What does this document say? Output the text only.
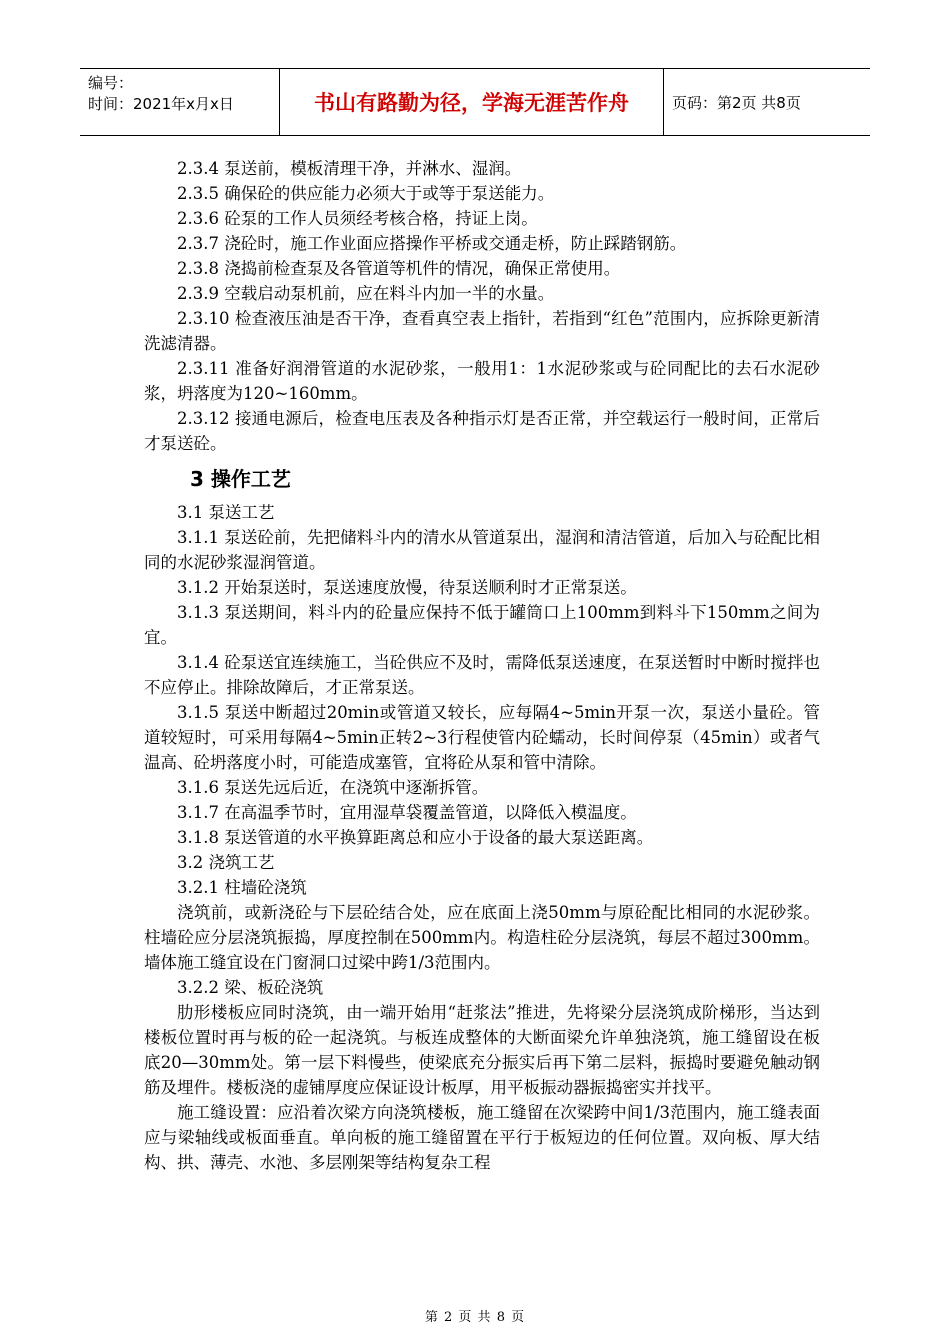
编号：
时间：2021年x月x日	书山有路勤为径，学海无涯苦作舟	页码：第2页 共8页

2.3.4 泵送前，模板清理干净，并淋水、湿润。

2.3.5 确保砼的供应能力必须大于或等于泵送能力。

2.3.6 砼泵的工作人员须经考核合格，持证上岗。

2.3.7 浇砼时，施工作业面应搭操作平桥或交通走桥，防止踩踏钢筋。

2.3.8 浇捣前检查泵及各管道等机件的情况，确保正常使用。

2.3.9 空载启动泵机前，应在料斗内加一半的水量。

2.3.10 检查液压油是否干净，查看真空表上指针，若指到“红色”范围内，应拆除更新清洗滤清器。

2.3.11 准备好润滑管道的水泥砂浆，一般用1：1水泥砂浆或与砼同配比的去石水泥砂浆，坍落度为120~160mm。

2.3.12 接通电源后，检查电压表及各种指示灯是否正常，并空载运行一般时间，正常后才泵送砼。

3 操作工艺

3.1 泵送工艺

3.1.1 泵送砼前，先把储料斗内的清水从管道泵出，湿润和清洁管道，后加入与砼配比相同的水泥砂浆湿润管道。

3.1.2 开始泵送时，泵送速度放慢，待泵送顺利时才正常泵送。

3.1.3 泵送期间，料斗内的砼量应保持不低于罐筒口上100mm到料斗下150mm之间为宜。

3.1.4 砼泵送宜连续施工，当砼供应不及时，需降低泵送速度，在泵送暂时中断时搅拌也不应停止。排除故障后，才正常泵送。

3.1.5 泵送中断超过20min或管道又较长，应每隔4~5min开泵一次，泵送小量砼。管道较短时，可采用每隔4~5min正转2~3行程使管内砼蠕动，长时间停泵（45min）或者气温高、砼坍落度小时，可能造成塞管，宜将砼从泵和管中清除。

3.1.6 泵送先远后近，在浇筑中逐渐拆管。

3.1.7 在高温季节时，宜用湿草袋覆盖管道，以降低入模温度。

3.1.8 泵送管道的水平换算距离总和应小于设备的最大泵送距离。

3.2 浇筑工艺

3.2.1 柱墙砼浇筑

浇筑前，或新浇砼与下层砼结合处，应在底面上浇50mm与原砼配比相同的水泥砂浆。柱墙砼应分层浇筑振捣，厚度控制在500mm内。构造柱砼分层浇筑，每层不超过300mm。墙体施工缝宜设在门窗洞口过梁中跨1/3范围内。

3.2.2 梁、板砼浇筑

肋形楼板应同时浇筑，由一端开始用“赶浆法”推进，先将梁分层浇筑成阶梯形，当达到楼板位置时再与板的砼一起浇筑。与板连成整体的大断面梁允许单独浇筑，施工缝留设在板底20—30mm处。第一层下料慢些，使梁底充分振实后再下第二层料，振捣时要避免触动钢筋及埋件。楼板浇的虚铺厚度应保证设计板厚，用平板振动器振捣密实并找平。

施工缝设置：应沿着次梁方向浇筑楼板，施工缝留在次梁跨中间1/3范围内，施工缝表面应与梁轴线或板面垂直。单向板的施工缝留置在平行于板短边的任何位置。双向板、厚大结构、拱、薄壳、水池、多层刚架等结构复杂工程

第 2 页 共 8 页
